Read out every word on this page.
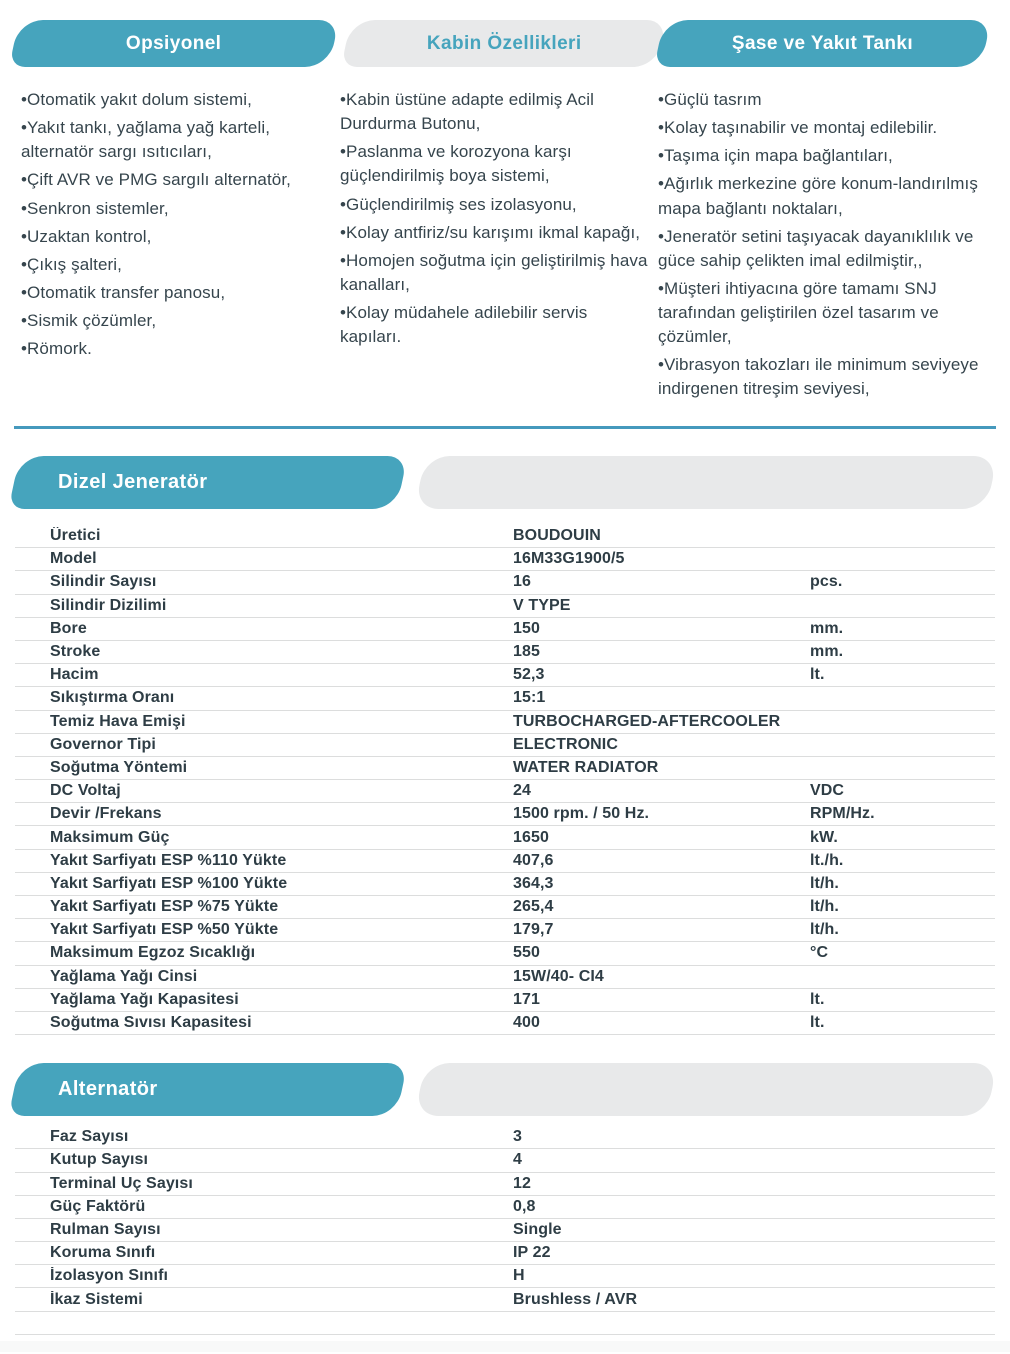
Opsiyonel	Kabin Özellikleri	Şase ve Yakıt Tankı
•Otomatik yakıt dolum sistemi,
•Yakıt tankı, yağlama yağ karteli, alternatör sargı ısıtıcıları,
•Çift AVR ve PMG sargılı alternatör,
•Senkron sistemler,
•Uzaktan kontrol,
•Çıkış şalteri,
•Otomatik transfer panosu,
•Sismik çözümler,
•Römork.
•Kabin üstüne adapte edilmiş Acil Durdurma Butonu,
•Paslanma ve korozyona karşı güçlendirilmiş boya sistemi,
•Güçlendirilmiş ses izolasyonu,
•Kolay antfiriz/su karışımı ikmal kapağı,
•Homojen soğutma için geliştirilmiş hava kanalları,
•Kolay müdahele adilebilir servis kapıları.
•Güçlü tasrım
•Kolay taşınabilir ve montaj edilebilir.
•Taşıma için mapa bağlantıları,
•Ağırlık merkezine göre konum-landırılmış mapa bağlantı noktaları,
•Jeneratör setini taşıyacak dayanıklılık ve güce sahip çelikten imal edilmiştir,,
•Müşteri ihtiyacına göre tamamı SNJ tarafından geliştirilen özel tasarım ve çözümler,
•Vibrasyon takozları ile minimum seviyeye indirgenen titreşim seviyesi,
Dizel Jeneratör
Üretici	BOUDOUIN
Model	16M33G1900/5
Silindir Sayısı	16	pcs.
Silindir Dizilimi	V TYPE
Bore	150	mm.
Stroke	185	mm.
Hacim	52,3	lt.
Sıkıştırma Oranı	15:1
Temiz Hava Emişi	TURBOCHARGED-AFTERCOOLER
Governor Tipi	ELECTRONIC
Soğutma Yöntemi	WATER RADIATOR
DC Voltaj	24	VDC
Devir /Frekans	1500 rpm. / 50 Hz.	RPM/Hz.
Maksimum Güç	1650	kW.
Yakıt Sarfiyatı ESP %110 Yükte	407,6	lt./h.
Yakıt Sarfiyatı ESP %100 Yükte	364,3	lt/h.
Yakıt Sarfiyatı ESP %75 Yükte	265,4	lt/h.
Yakıt Sarfiyatı ESP %50 Yükte	179,7	lt/h.
Maksimum Egzoz Sıcaklığı	550	°C
Yağlama Yağı Cinsi	15W/40- CI4
Yağlama Yağı Kapasitesi	171	lt.
Soğutma Sıvısı Kapasitesi	400	lt.
Alternatör
Faz Sayısı	3
Kutup Sayısı	4
Terminal Uç Sayısı	12
Güç Faktörü	0,8
Rulman Sayısı	Single
Koruma Sınıfı	IP 22
İzolasyon Sınıfı	H
İkaz Sistemi	Brushless / AVR
